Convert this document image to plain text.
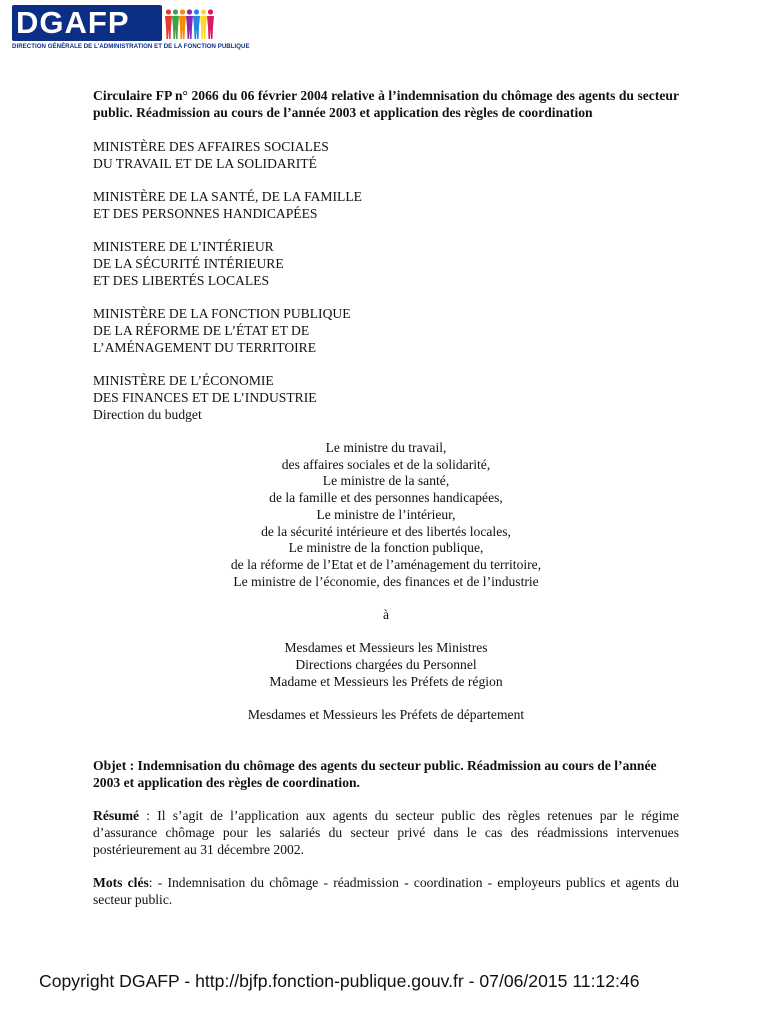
DGAFP
DIRECTION GÉNÉRALE DE L'ADMINISTRATION ET DE LA FONCTION PUBLIQUE

Circulaire FP n° 2066 du 06 février 2004 relative à l’indemnisation du chômage des agents du secteur public. Réadmission au cours de l’année 2003 et application des règles de coordination

MINISTÈRE DES AFFAIRES SOCIALES
DU TRAVAIL ET DE LA SOLIDARITÉ
MINISTÈRE DE LA SANTÉ, DE LA FAMILLE
ET DES PERSONNES HANDICAPÉES
MINISTERE DE L’INTÉRIEUR
DE LA SÉCURITÉ INTÉRIEURE
ET DES LIBERTÉS LOCALES
MINISTÈRE DE LA FONCTION PUBLIQUE
DE LA RÉFORME DE L’ÉTAT ET DE
L’AMÉNAGEMENT DU TERRITOIRE
MINISTÈRE DE L’ÉCONOMIE
DES FINANCES ET DE L’INDUSTRIE
Direction du budget
Le ministre du travail,
des affaires sociales et de la solidarité,
Le ministre de la santé,
de la famille et des personnes handicapées,
Le ministre de l’intérieur,
de la sécurité intérieure et des libertés locales,
Le ministre de la fonction publique,
de la réforme de l’Etat et de l’aménagement du territoire,
Le ministre de l’économie, des finances et de l’industrie
à
Mesdames et Messieurs les Ministres
Directions chargées du Personnel
Madame et Messieurs les Préfets de région
Mesdames et Messieurs les Préfets de département
Objet : Indemnisation du chômage des agents du secteur public. Réadmission au cours de l’année 2003 et application des règles de coordination.
Résumé : Il s’agit de l’application aux agents du secteur public des règles retenues par le régime d’assurance chômage pour les salariés du secteur privé dans le cas des réadmissions intervenues postérieurement au 31 décembre 2002.
Mots clés: - Indemnisation du chômage - réadmission - coordination - employeurs publics et agents du secteur public.
Copyright DGAFP - http://bjfp.fonction-publique.gouv.fr - 07/06/2015 11:12:46
